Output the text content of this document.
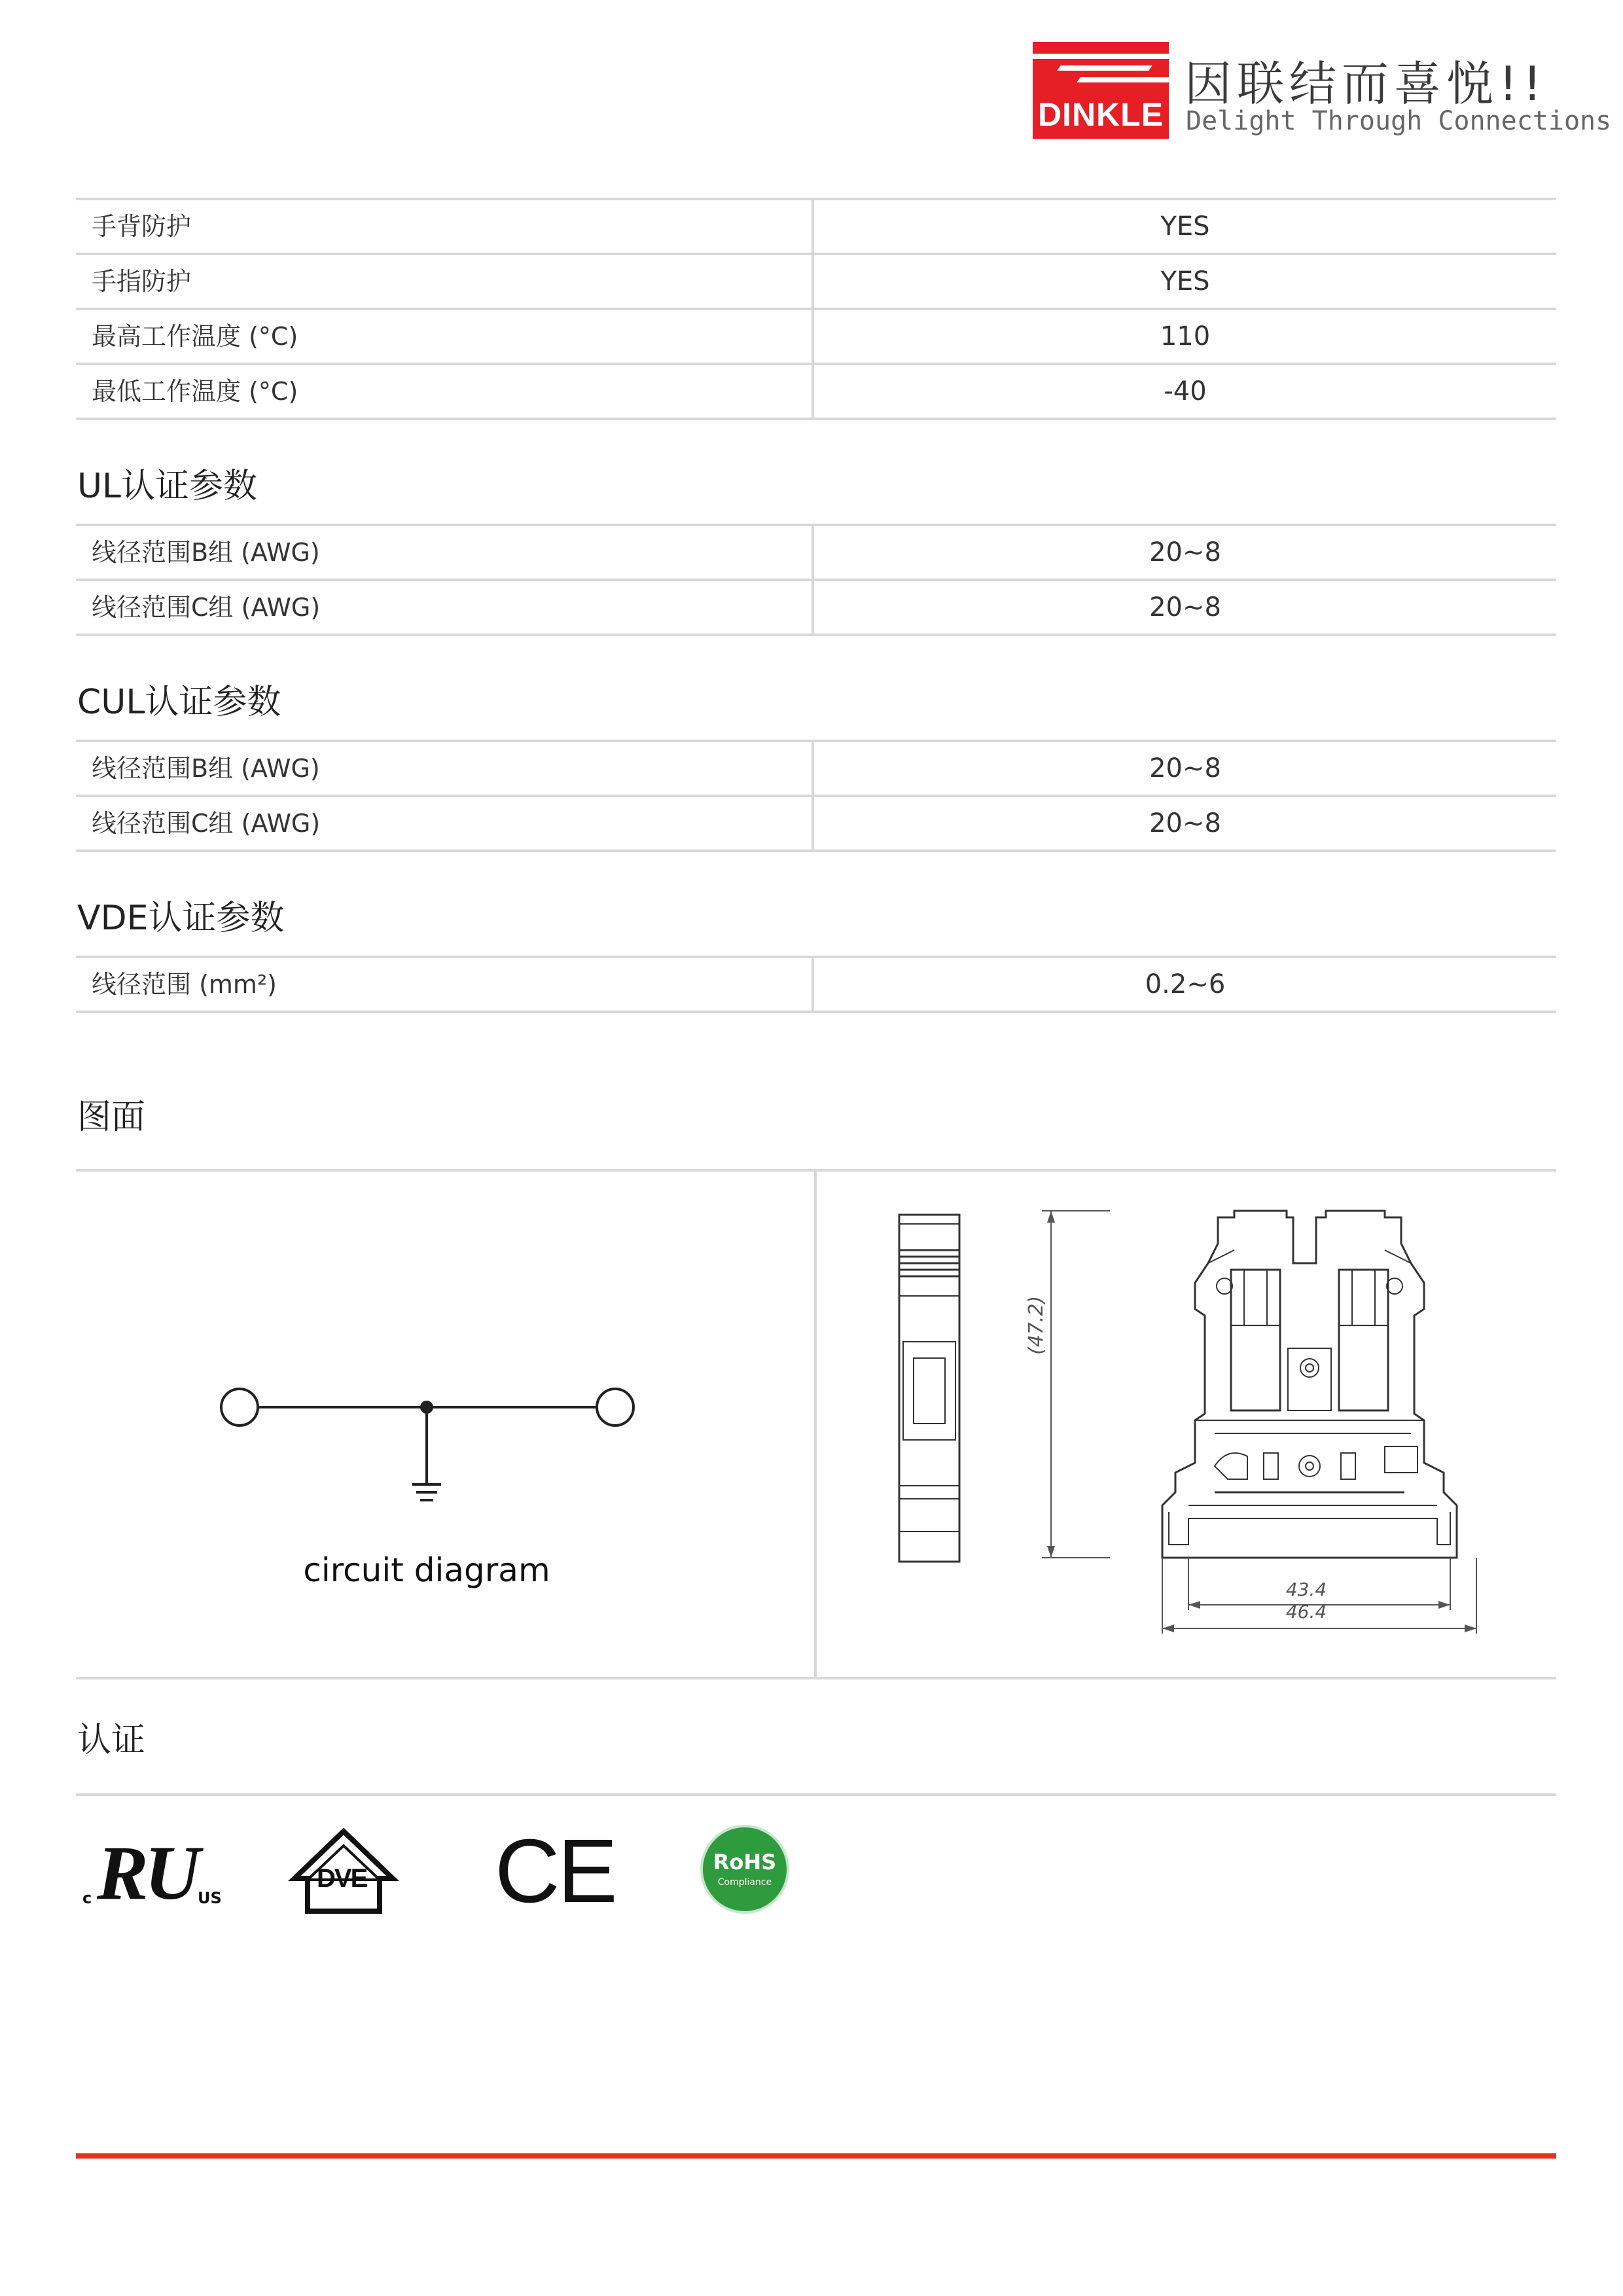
DINKLE
因联结而喜悦!!
Delight Through Connections
手背防护	YES
手指防护	YES
最高工作温度 (°C)	110
最低工作温度 (°C)	-40
UL认证参数
线径范围B组 (AWG)	20~8
线径范围C组 (AWG)	20~8
CUL认证参数
线径范围B组 (AWG)	20~8
线径范围C组 (AWG)	20~8
VDE认证参数
线径范围 (mm²)	0.2~6
图面
circuit diagram
(47.2)
43.4
46.4
认证
c RU US
DVE CE	RoHS
Compliance
